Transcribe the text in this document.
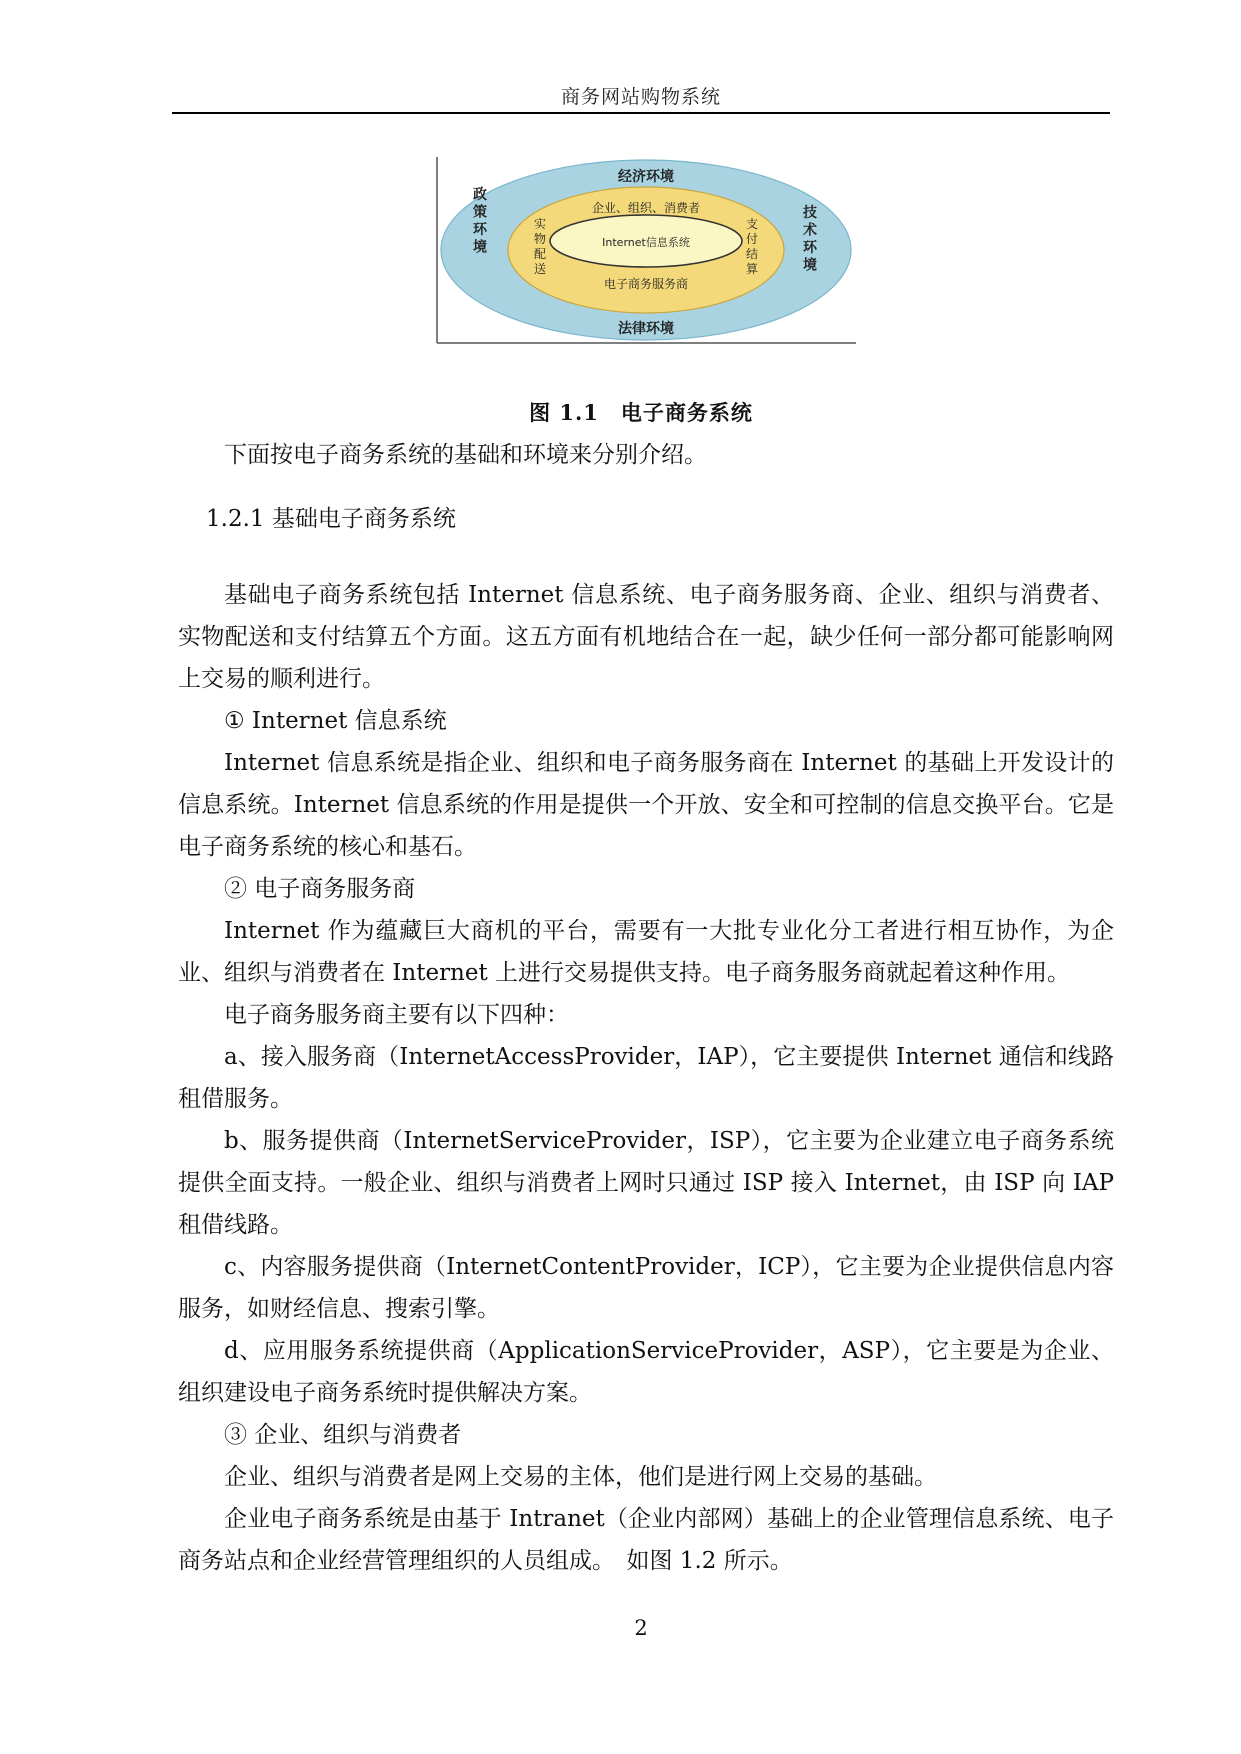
商务网站购物系统
经济环境
法律环境
企业、组织、消费者
电子商务服务商
Internet信息系统
政策环境
技术环境
实物配送
支付结算
图 1.1　电子商务系统

下面按电子商务系统的基础和环境来分别介绍。

1.2.1 基础电子商务系统

基础电子商务系统包括 Internet 信息系统、电子商务服务商、企业、组织与消费者、实物配送和支付结算五个方面。这五方面有机地结合在一起，缺少任何一部分都可能影响网上交易的顺利进行。

① Internet 信息系统

Internet 信息系统是指企业、组织和电子商务服务商在 Internet 的基础上开发设计的信息系统。Internet 信息系统的作用是提供一个开放、安全和可控制的信息交换平台。它是电子商务系统的核心和基石。

② 电子商务服务商

Internet 作为蕴藏巨大商机的平台，需要有一大批专业化分工者进行相互协作，为企业、组织与消费者在 Internet 上进行交易提供支持。电子商务服务商就起着这种作用。

电子商务服务商主要有以下四种：

a、接入服务商（InternetAccessProvider，IAP），它主要提供 Internet 通信和线路租借服务。

b、服务提供商（InternetServiceProvider，ISP），它主要为企业建立电子商务系统提供全面支持。一般企业、组织与消费者上网时只通过 ISP 接入 Internet，由 ISP 向 IAP 租借线路。

c、内容服务提供商（InternetContentProvider，ICP），它主要为企业提供信息内容服务，如财经信息、搜索引擎。

d、应用服务系统提供商（ApplicationServiceProvider，ASP），它主要是为企业、组织建设电子商务系统时提供解决方案。

③ 企业、组织与消费者

企业、组织与消费者是网上交易的主体，他们是进行网上交易的基础。

企业电子商务系统是由基于 Intranet（企业内部网）基础上的企业管理信息系统、电子商务站点和企业经营管理组织的人员组成。　如图 1.2 所示。

2
